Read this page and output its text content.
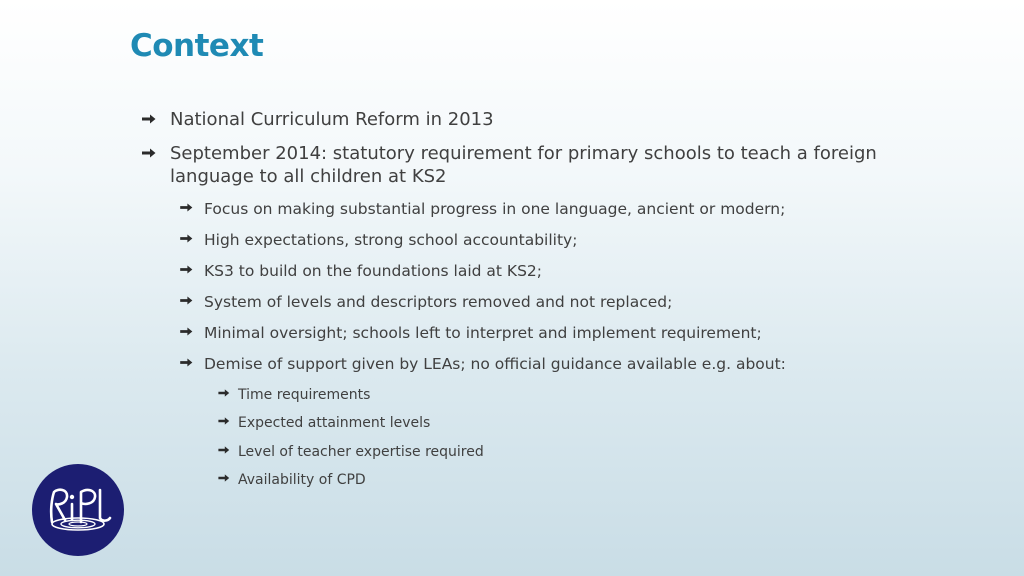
Context
National Curriculum Reform in 2013
September 2014: statutory requirement for primary schools to teach a foreign language to all children at KS2
Focus on making substantial progress in one language, ancient or modern;
High expectations, strong school accountability;
KS3 to build on the foundations laid at KS2;
System of levels and descriptors removed and not replaced;
Minimal oversight; schools left to interpret and implement requirement;
Demise of support given by LEAs; no official guidance available e.g. about:
Time requirements
Expected attainment levels
Level of teacher expertise required
Availability of CPD
